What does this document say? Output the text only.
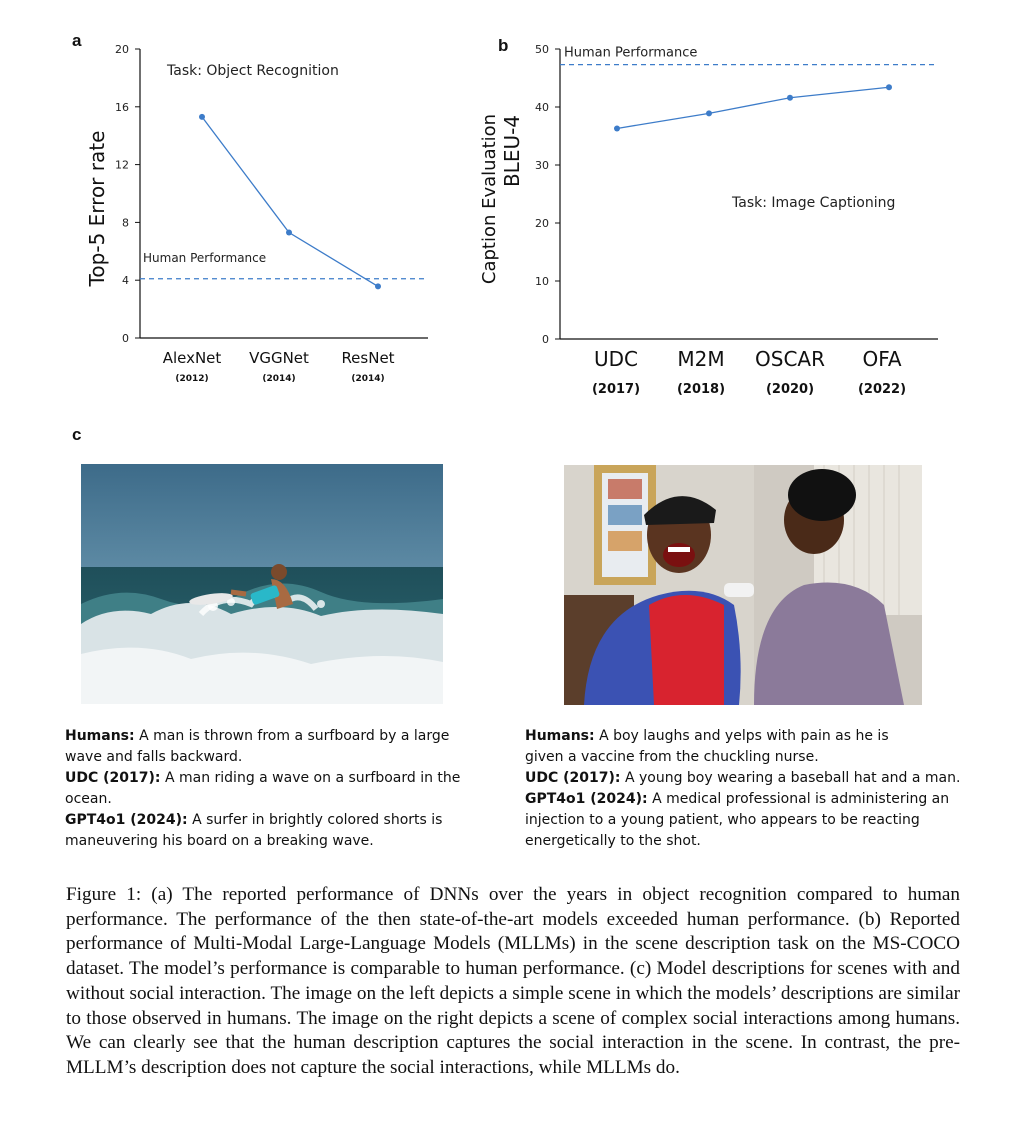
a	b
c
0
4
8
12
16
20
Top-5 Error rate
Task: Object Recognition
Human Performance
AlexNet
(2012)
VGGNet
(2014)
ResNet
(2014)
0
10
20
30
40
50
Caption Evaluation BLEU-4
Task: Image Captioning
Human Performance
UDC
(2017)
M2M
(2018)
OSCAR
(2020)
OFA
(2022)

Humans: A man is thrown from a surfboard by a large wave and falls backward.

UDC (2017): A man riding a wave on a surfboard in the ocean.

GPT4o1 (2024): A surfer in brightly colored shorts is maneuvering his board on a breaking wave.

Humans: A boy laughs and yelps with pain as he is given a vaccine from the chuckling nurse.

UDC (2017): A young boy wearing a baseball hat and a man.

GPT4o1 (2024): A medical professional is administering an injection to a young patient, who appears to be reacting energetically to the shot.

Figure 1: (a) The reported performance of DNNs over the years in object recognition compared to human performance. The performance of the then state-of-the-art models exceeded human performance. (b) Reported performance of Multi-Modal Large-Language Models (MLLMs) in the scene description task on the MS-COCO dataset. The model’s performance is comparable to human performance. (c) Model descriptions for scenes with and without social interaction. The image on the left depicts a simple scene in which the models’ descriptions are similar to those observed in humans. The image on the right depicts a scene of complex social interactions among humans. We can clearly see that the human description captures the social interaction in the scene. In contrast, the pre-MLLM’s description does not capture the social interactions, while MLLMs do.
